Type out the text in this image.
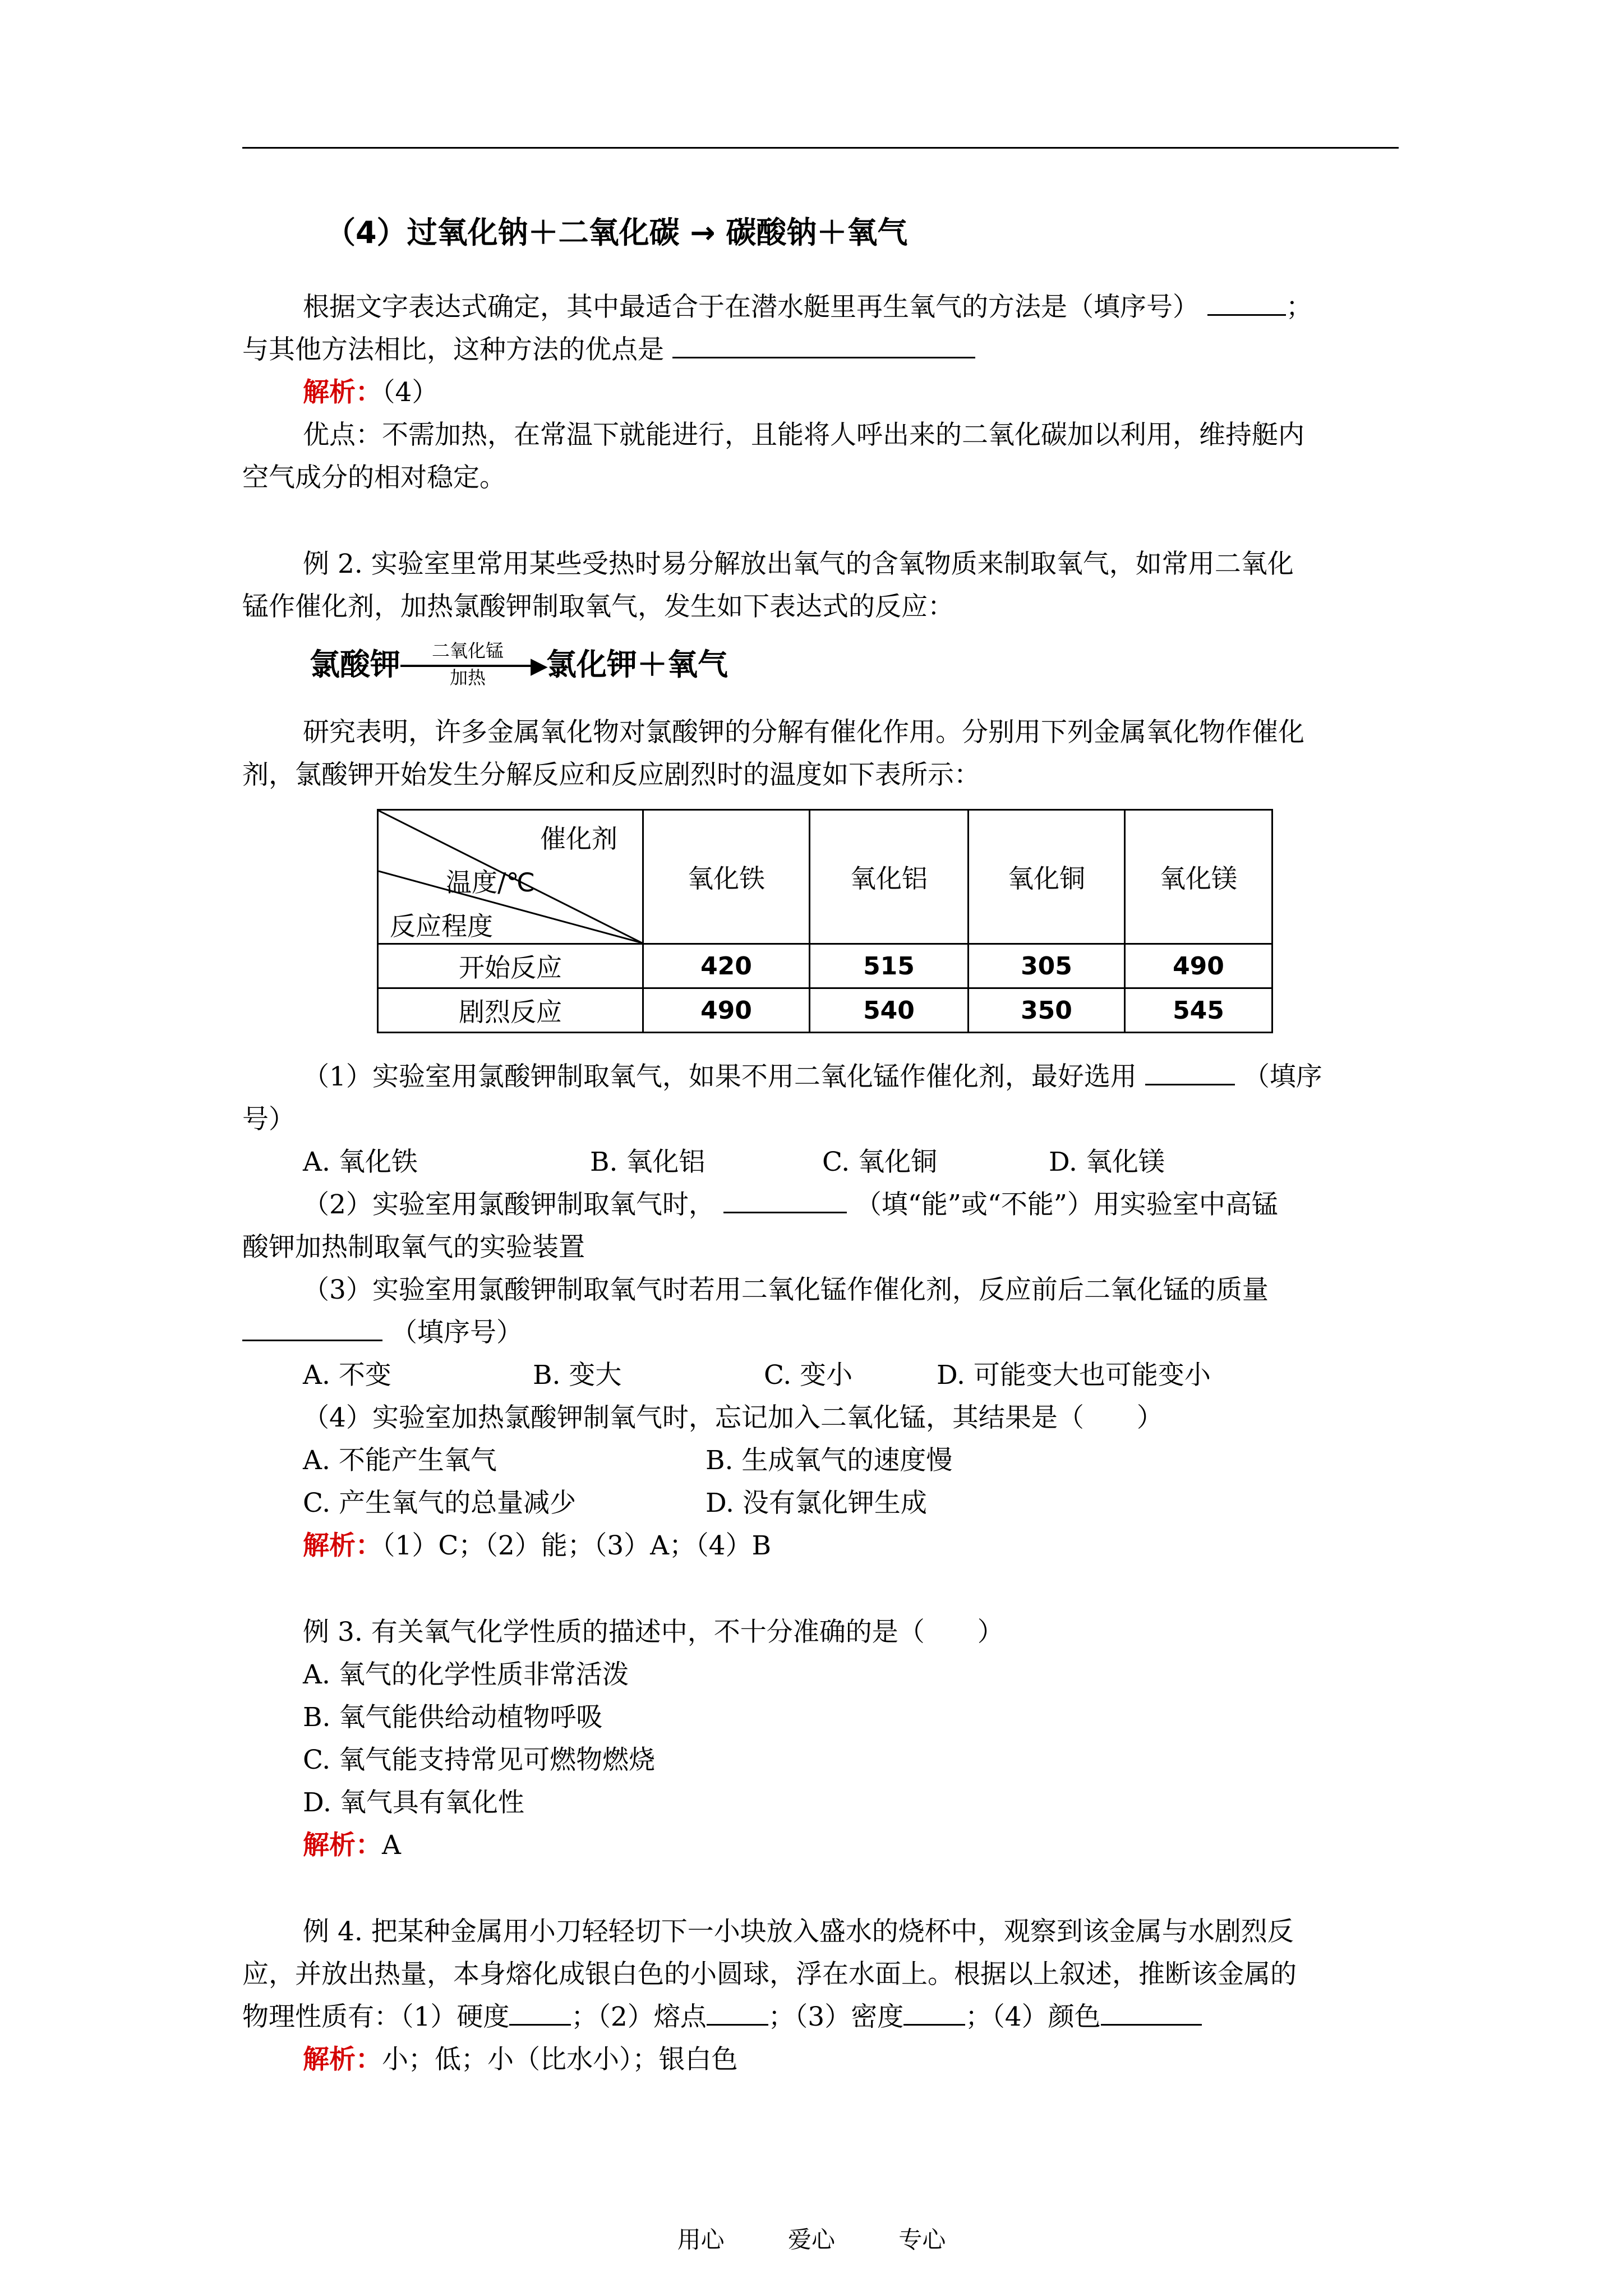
（4）过氧化钠＋二氧化碳 → 碳酸钠＋氧气
根据文字表达式确定，其中最适合于在潜水艇里再生氧气的方法是（填序号）	；
与其他方法相比，这种方法的优点是
解析：（4）
优点：不需加热，在常温下就能进行，且能将人呼出来的二氧化碳加以利用，维持艇内
空气成分的相对稳定。
例 2. 实验室里常用某些受热时易分解放出氧气的含氧物质来制取氧气，如常用二氧化
锰作催化剂，加热氯酸钾制取氧气，发生如下表达式的反应：
氯酸钾	二氧化锰
▶
加热	氯化钾＋氧气
研究表明，许多金属氧化物对氯酸钾的分解有催化作用。分别用下列金属氧化物作催化
剂，氯酸钾开始发生分解反应和反应剧烈时的温度如下表所示：
催化剂
温度/℃
反应程度	氧化铁	氧化铝	氧化铜	氧化镁
开始反应	420	515	305	490
剧烈反应	490	540	350	545
（1）实验室用氯酸钾制取氧气，如果不用二氧化锰作催化剂，最好选用	（填序
号）
A. 氧化铁	B. 氧化铝	C. 氧化铜	D. 氧化镁
（2）实验室用氯酸钾制取氧气时，	（填“能”或“不能”）用实验室中高锰
酸钾加热制取氧气的实验装置
（3）实验室用氯酸钾制取氧气时若用二氧化锰作催化剂，反应前后二氧化锰的质量
（填序号）
A. 不变	B. 变大	C. 变小	D. 可能变大也可能变小
（4）实验室加热氯酸钾制氧气时，忘记加入二氧化锰，其结果是（　　）
A. 不能产生氧气	B. 生成氧气的速度慢
C. 产生氧气的总量减少	D. 没有氯化钾生成
解析：（1）C；（2）能；（3）A；（4）B
例 3. 有关氧气化学性质的描述中，不十分准确的是（　　）
A. 氧气的化学性质非常活泼
B. 氧气能供给动植物呼吸
C. 氧气能支持常见可燃物燃烧
D. 氧气具有氧化性
解析：A
例 4. 把某种金属用小刀轻轻切下一小块放入盛水的烧杯中，观察到该金属与水剧烈反
应，并放出热量，本身熔化成银白色的小圆球，浮在水面上。根据以上叙述，推断该金属的
物理性质有：（1）硬度 ；（2）熔点 ；（3）密度 ；（4）颜色
解析：小；低；小（比水小）；银白色
用心	爱心	专心
